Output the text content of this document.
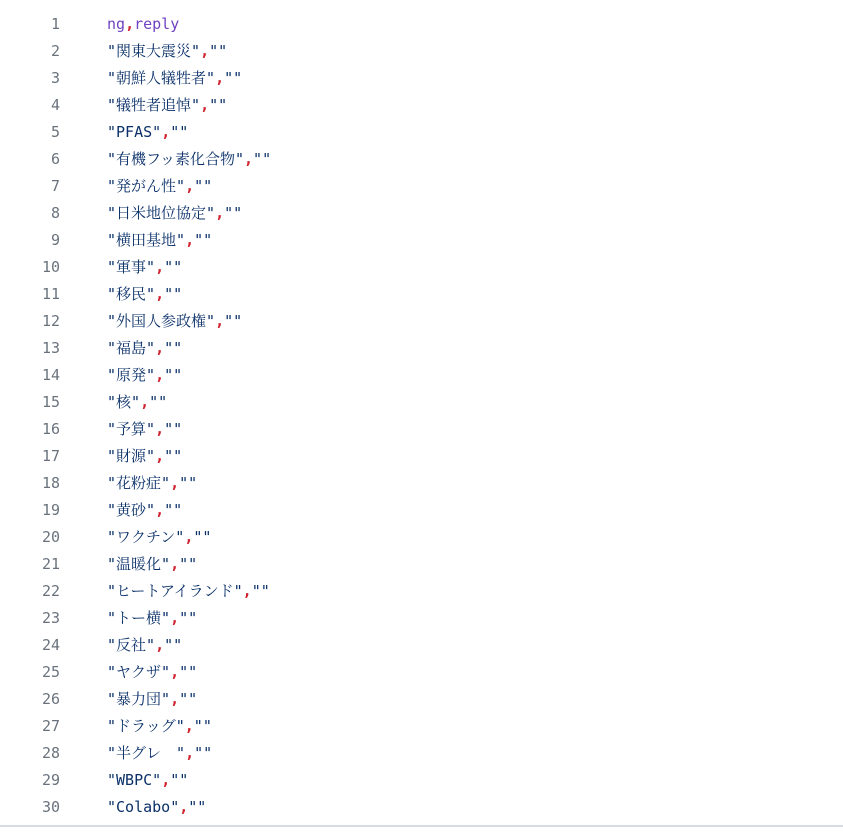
1	ng,reply
2	"関東大震災",""
3	"朝鮮人犠牲者",""
4	"犠牲者追悼",""
5	"PFAS",""
6	"有機フッ素化合物",""
7	"発がん性",""
8	"日米地位協定",""
9	"横田基地",""
10	"軍事",""
11	"移民",""
12	"外国人参政権",""
13	"福島",""
14	"原発",""
15	"核",""
16	"予算",""
17	"財源",""
18	"花粉症",""
19	"黄砂",""
20	"ワクチン",""
21	"温暖化",""
22	"ヒートアイランド",""
23	"トー横",""
24	"反社",""
25	"ヤクザ",""
26	"暴力団",""
27	"ドラッグ",""
28	"半グレ　",""
29	"WBPC",""
30	"Colabo",""
